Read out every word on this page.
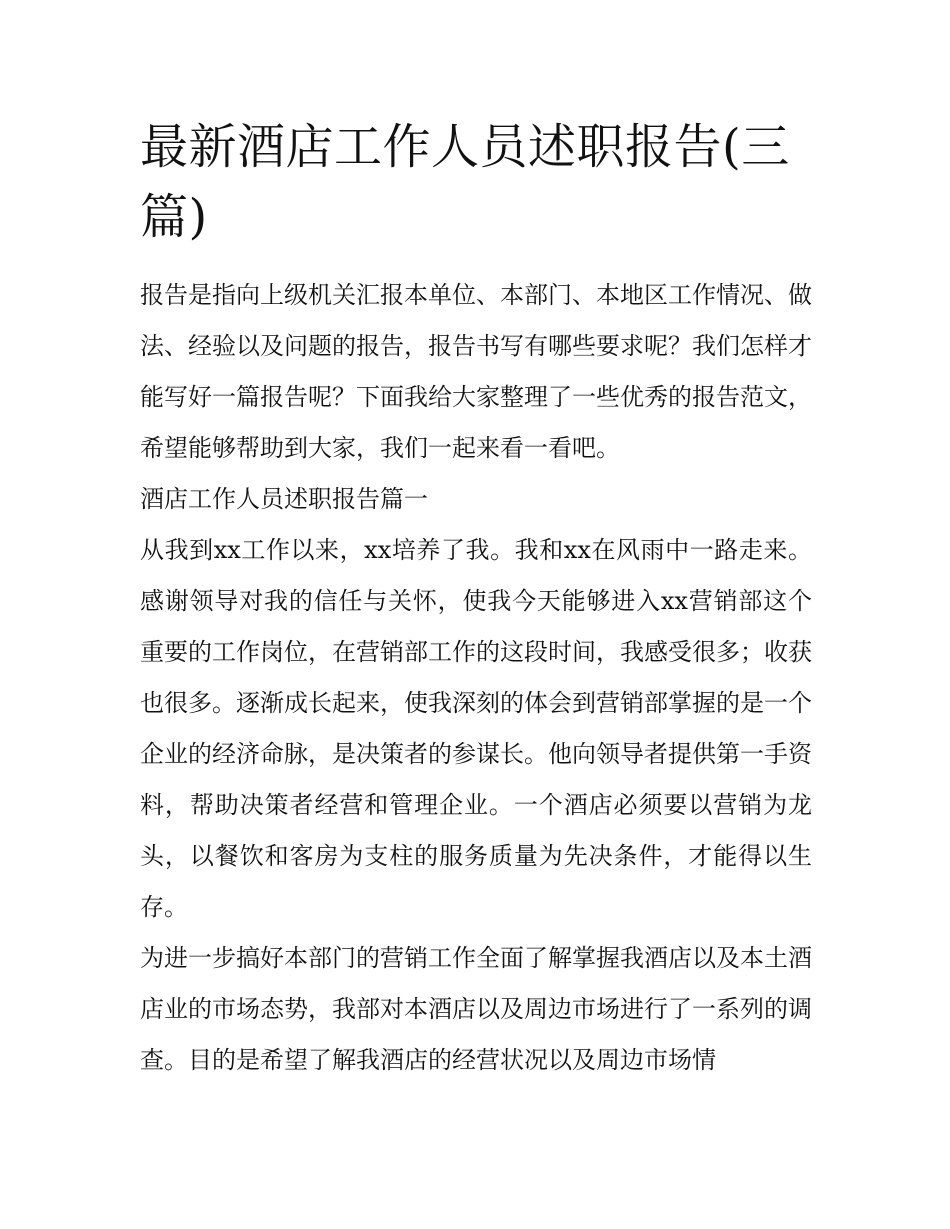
最新酒店工作人员述职报告(三篇)

报告是指向上级机关汇报本单位、本部门、本地区工作情况、做法、经验以及问题的报告，报告书写有哪些要求呢？我们怎样才能写好一篇报告呢？下面我给大家整理了一些优秀的报告范文，希望能够帮助到大家，我们一起来看一看吧。

酒店工作人员述职报告篇一

从我到xx工作以来，xx培养了我。我和xx在风雨中一路走来。感谢领导对我的信任与关怀，使我今天能够进入xx营销部这个重要的工作岗位，在营销部工作的这段时间，我感受很多；收获也很多。逐渐成长起来，使我深刻的体会到营销部掌握的是一个企业的经济命脉，是决策者的参谋长。他向领导者提供第一手资料，帮助决策者经营和管理企业。一个酒店必须要以营销为龙头，以餐饮和客房为支柱的服务质量为先决条件，才能得以生存。

为进一步搞好本部门的营销工作全面了解掌握我酒店以及本土酒店业的市场态势，我部对本酒店以及周边市场进行了一系列的调查。目的是希望了解我酒店的经营状况以及周边市场情
